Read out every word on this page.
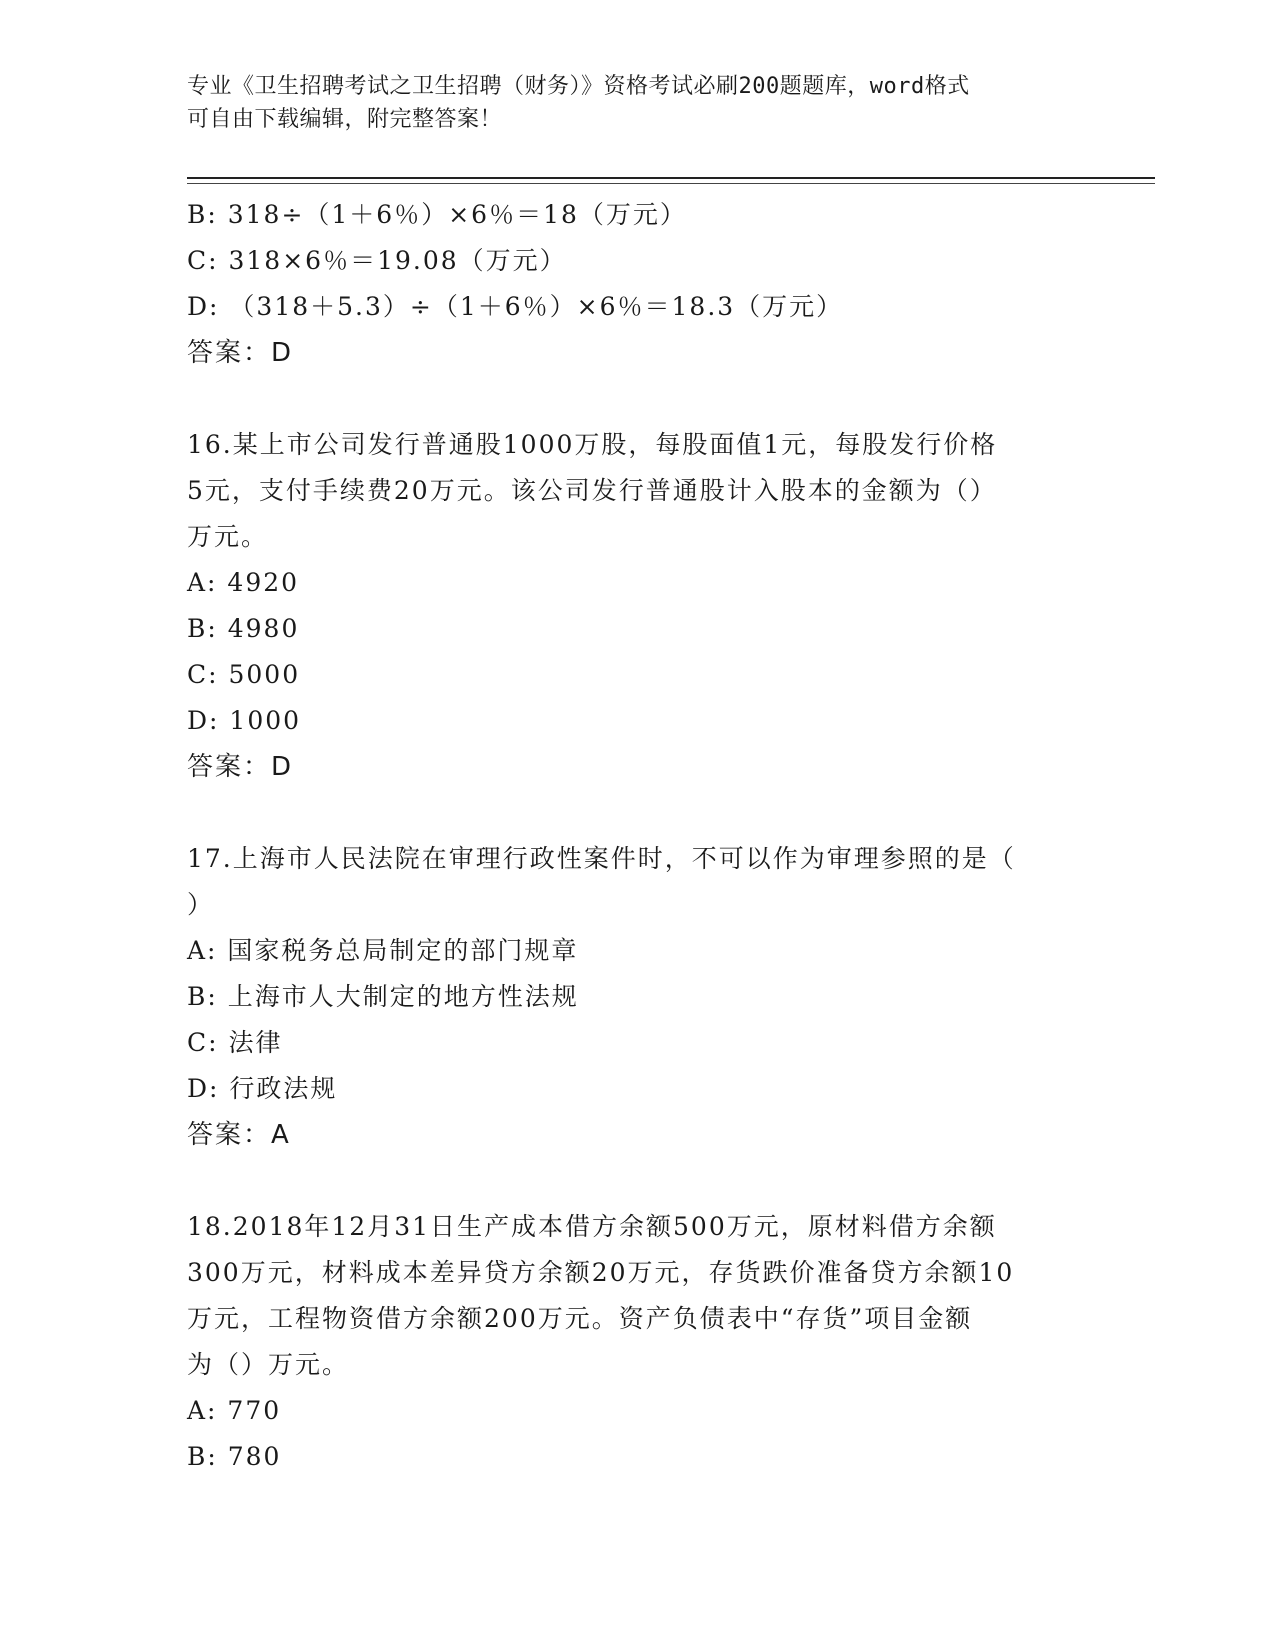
专业《卫生招聘考试之卫生招聘（财务）》资格考试必刷200题题库，word格式
可自由下载编辑，附完整答案！
B: 318÷（1＋6％）×6％＝18（万元）
C: 318×6％＝19.08（万元）
D: （318＋5.3）÷（1＋6％）×6％＝18.3（万元）
答案：D
16.某上市公司发行普通股1000万股，每股面值1元，每股发行价格
5元，支付手续费20万元。该公司发行普通股计入股本的金额为（）
万元。
A: 4920
B: 4980
C: 5000
D: 1000
答案：D
17.上海市人民法院在审理行政性案件时，不可以作为审理参照的是（
）
A: 国家税务总局制定的部门规章
B: 上海市人大制定的地方性法规
C: 法律
D: 行政法规
答案：A
18.2018年12月31日生产成本借方余额500万元，原材料借方余额
300万元，材料成本差异贷方余额20万元，存货跌价准备贷方余额10
万元，工程物资借方余额200万元。资产负债表中“存货”项目金额
为（）万元。
A: 770
B: 780
